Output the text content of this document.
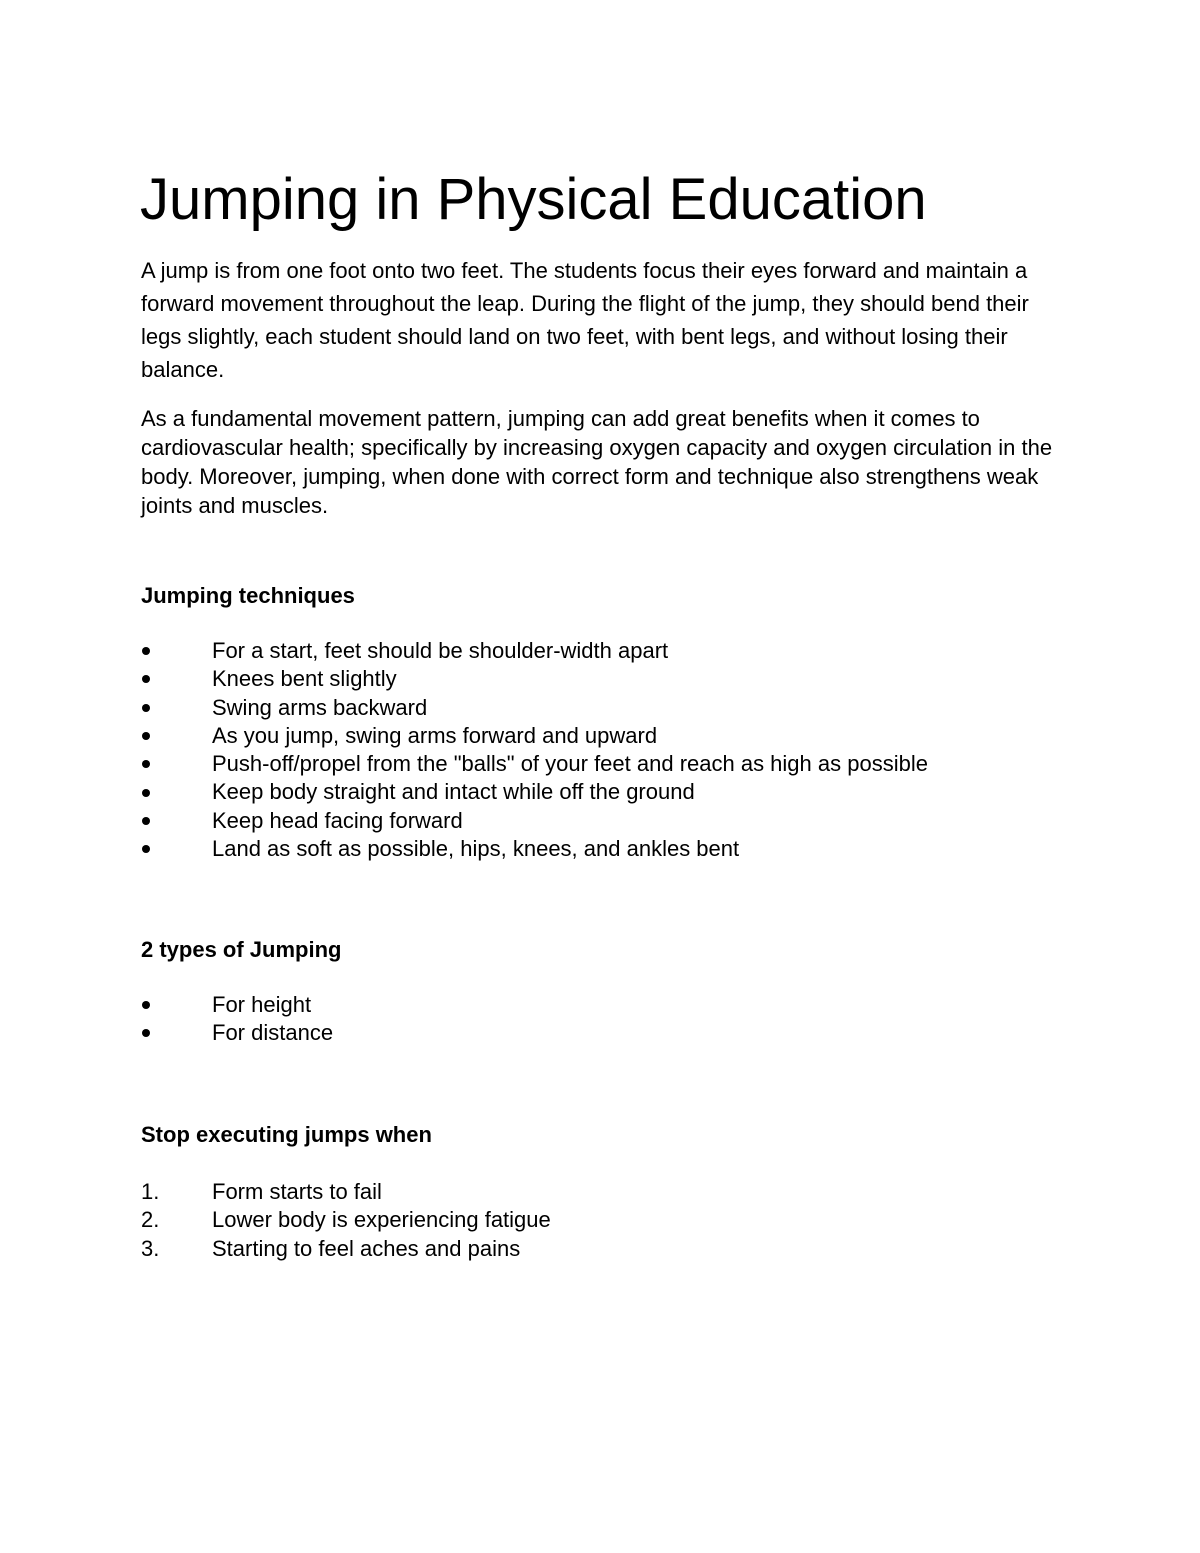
Jumping in Physical Education

A jump is from one foot onto two feet. The students focus their eyes forward and maintain a forward movement throughout the leap. During the flight of the jump, they should bend their legs slightly, each student should land on two feet, with bent legs, and without losing their balance.

As a fundamental movement pattern, jumping can add great benefits when it comes to cardiovascular health; specifically by increasing oxygen capacity and oxygen circulation in the body. Moreover, jumping, when done with correct form and technique also strengthens weak joints and muscles.

Jumping techniques
For a start, feet should be shoulder-width apart
Knees bent slightly
Swing arms backward
As you jump, swing arms forward and upward
Push-off/propel from the "balls" of your feet and reach as high as possible
Keep body straight and intact while off the ground
Keep head facing forward
Land as soft as possible, hips, knees, and ankles bent
2 types of Jumping
For height
For distance
Stop executing jumps when
1.	Form starts to fail
2.	Lower body is experiencing fatigue
3.	Starting to feel aches and pains
